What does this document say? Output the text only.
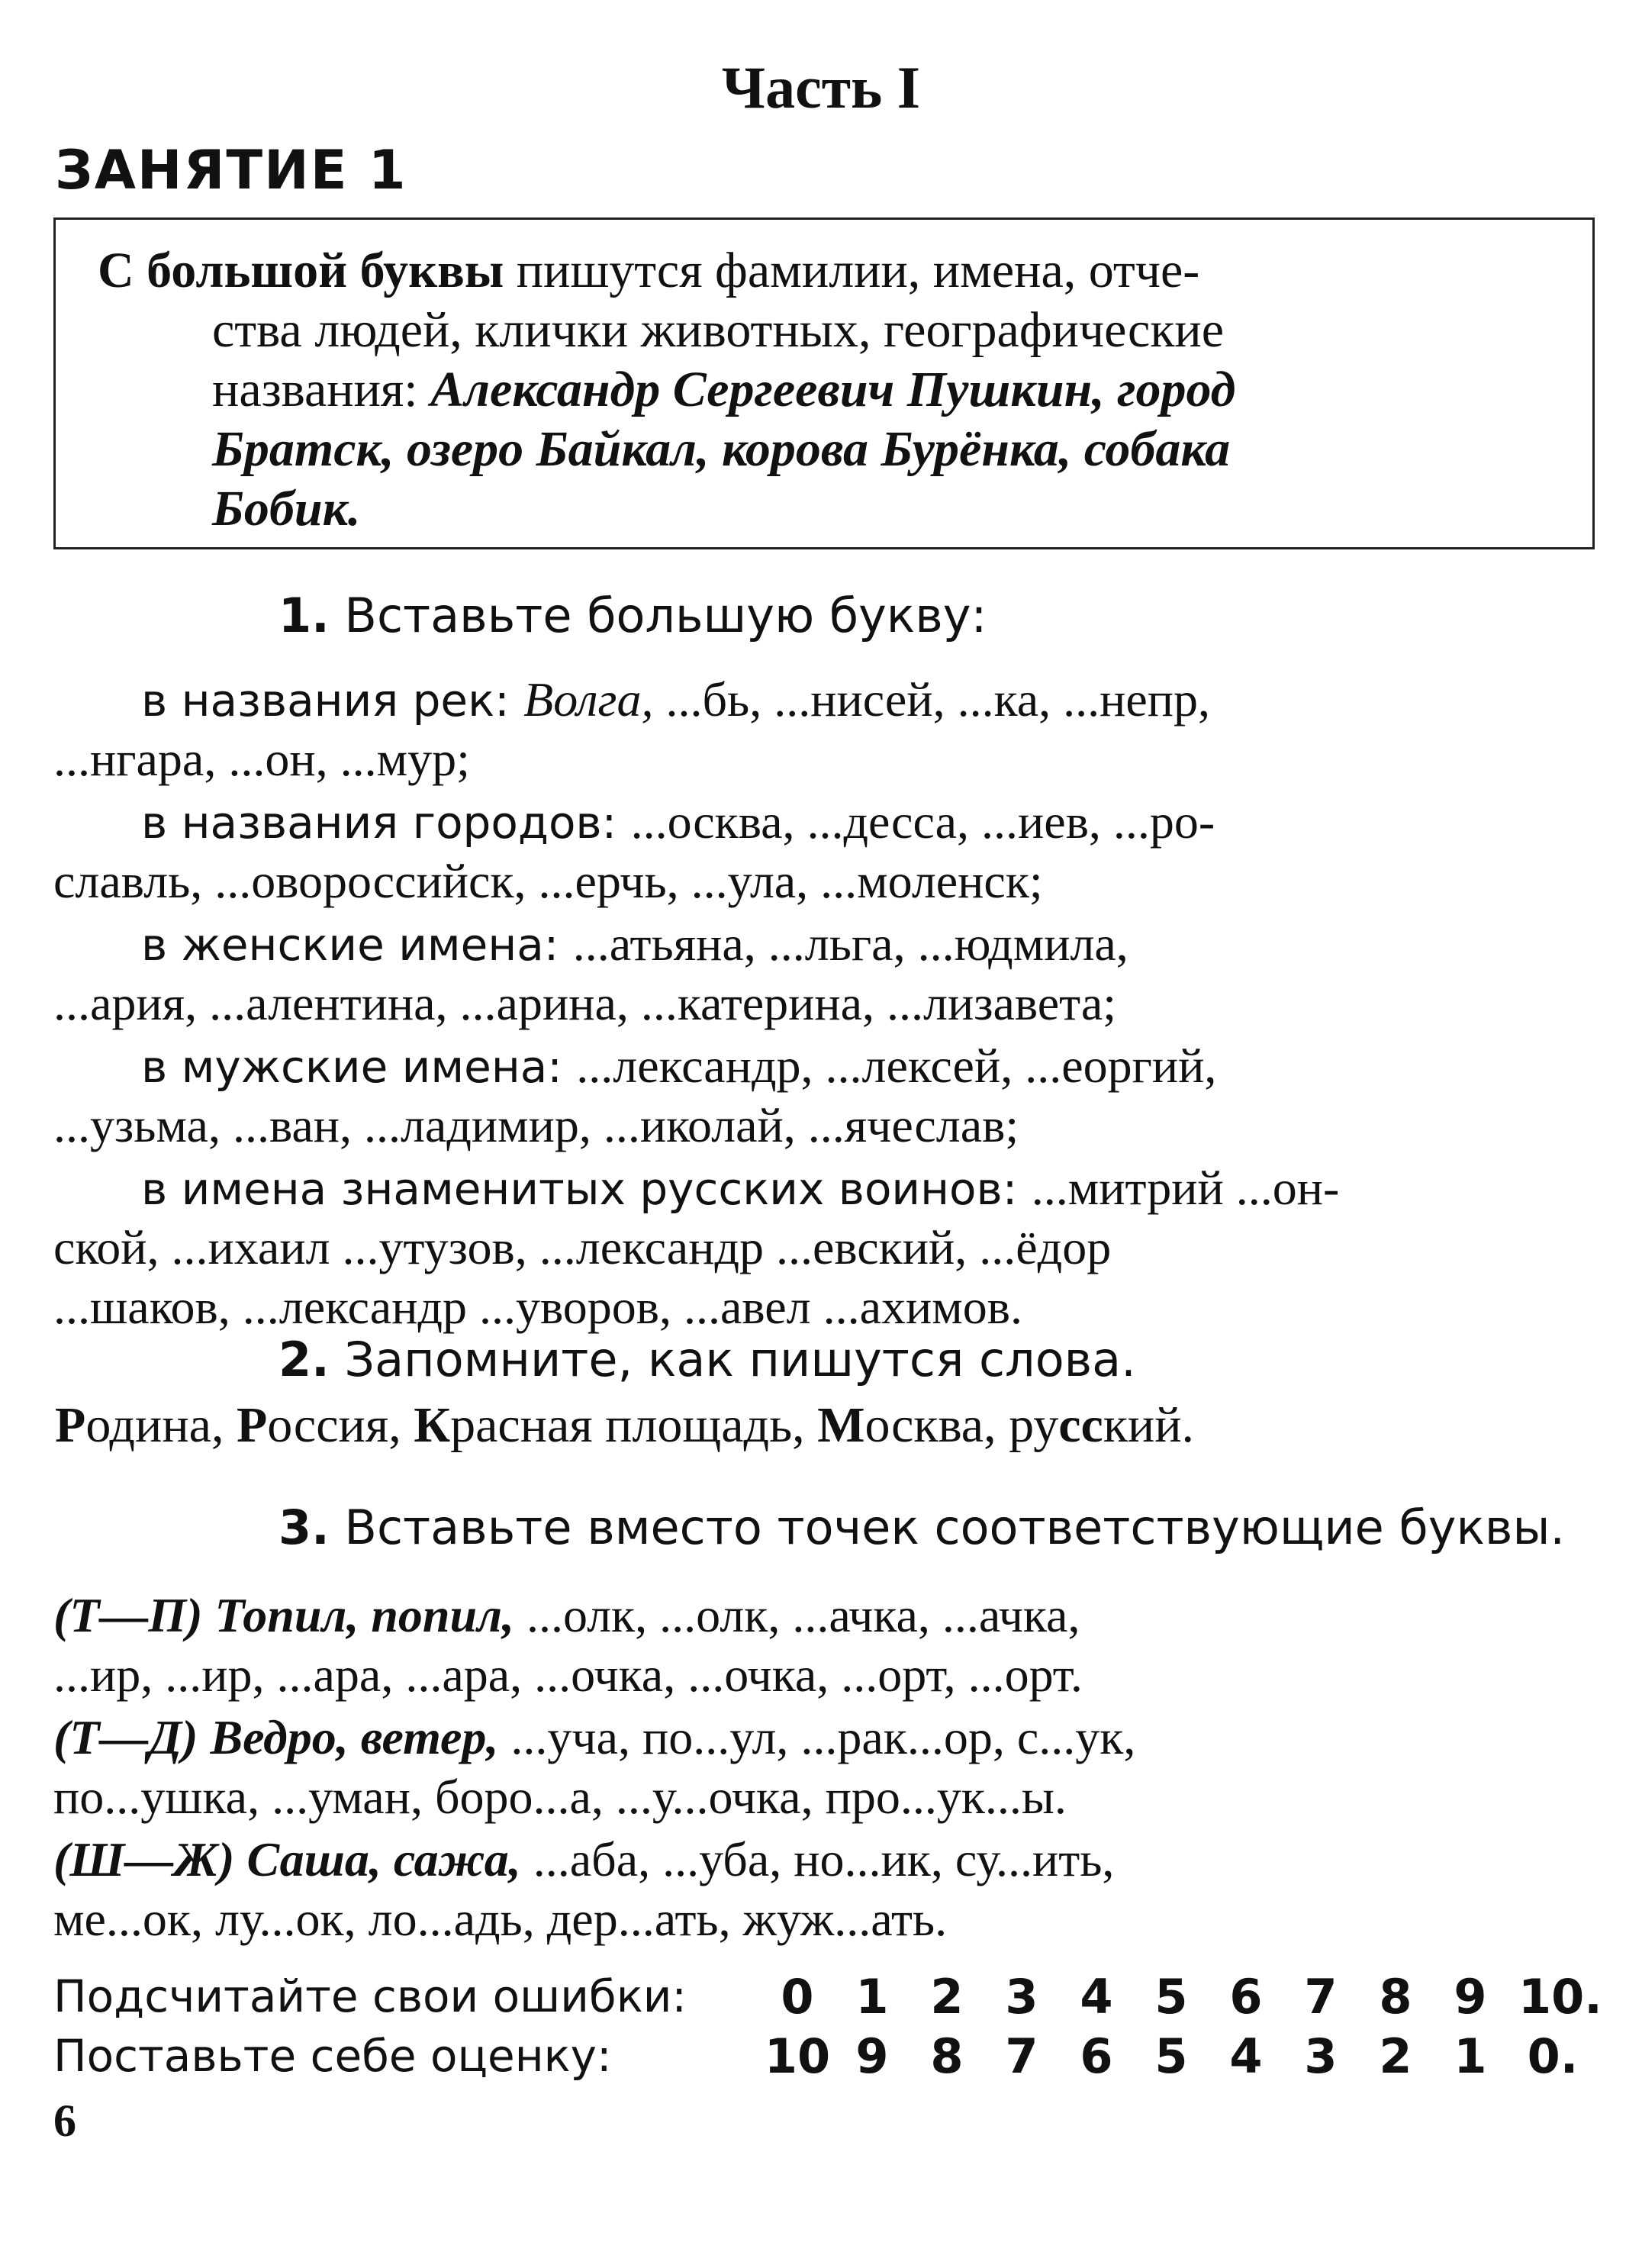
Часть I
ЗАНЯТИЕ 1
С большой буквы пишутся фамилии, имена, отче-
ства людей, клички животных, географические
названия: Александр Сергеевич Пушкин, город
Братск, озеро Байкал, корова Бурёнка, собака
Бобик.
1. Вставьте большую букву:
в названия рек: Волга, ...бь, ...нисей, ...ка, ...непр,
...нгара, ...он, ...мур;
в названия городов: ...осква, ...десса, ...иев, ...ро-
славль, ...овороссийск, ...ерчь, ...ула, ...моленск;
в женские имена: ...атьяна, ...льга, ...юдмила,
...ария, ...алентина, ...арина, ...катерина, ...лизавета;
в мужские имена: ...лександр, ...лексей, ...еоргий,
...узьма, ...ван, ...ладимир, ...иколай, ...ячеслав;
в имена знаменитых русских воинов: ...митрий ...он-
ской, ...ихаил ...утузов, ...лександр ...евский, ...ёдор
...шаков, ...лександр ...уворов, ...авел ...ахимов.
2. Запомните, как пишутся слова.
Родина, Россия, Красная площадь, Москва, русский.
3. Вставьте вместо точек соответствующие буквы.
(Т—П) Топил, попил, ...олк, ...олк, ...ачка, ...ачка,
...ир, ...ир, ...ара, ...ара, ...очка, ...очка, ...орт, ...орт.
(Т—Д) Ведро, ветер, ...уча, по...ул, ...рак...ор, с...ук,
по...ушка, ...уман, боро...а, ...у...очка, про...ук...ы.
(Ш—Ж) Саша, сажа, ...аба, ...уба, но...ик, су...ить,
ме...ок, лу...ок, ло...адь, дер...ать, жуж...ать.
Подсчитайте свои ошибки:
Поставьте себе оценку:
0 1 2 3 4 5 6 7 8 9 10.
10 9 8 7 6 5 4 3 2 1 0.
6
